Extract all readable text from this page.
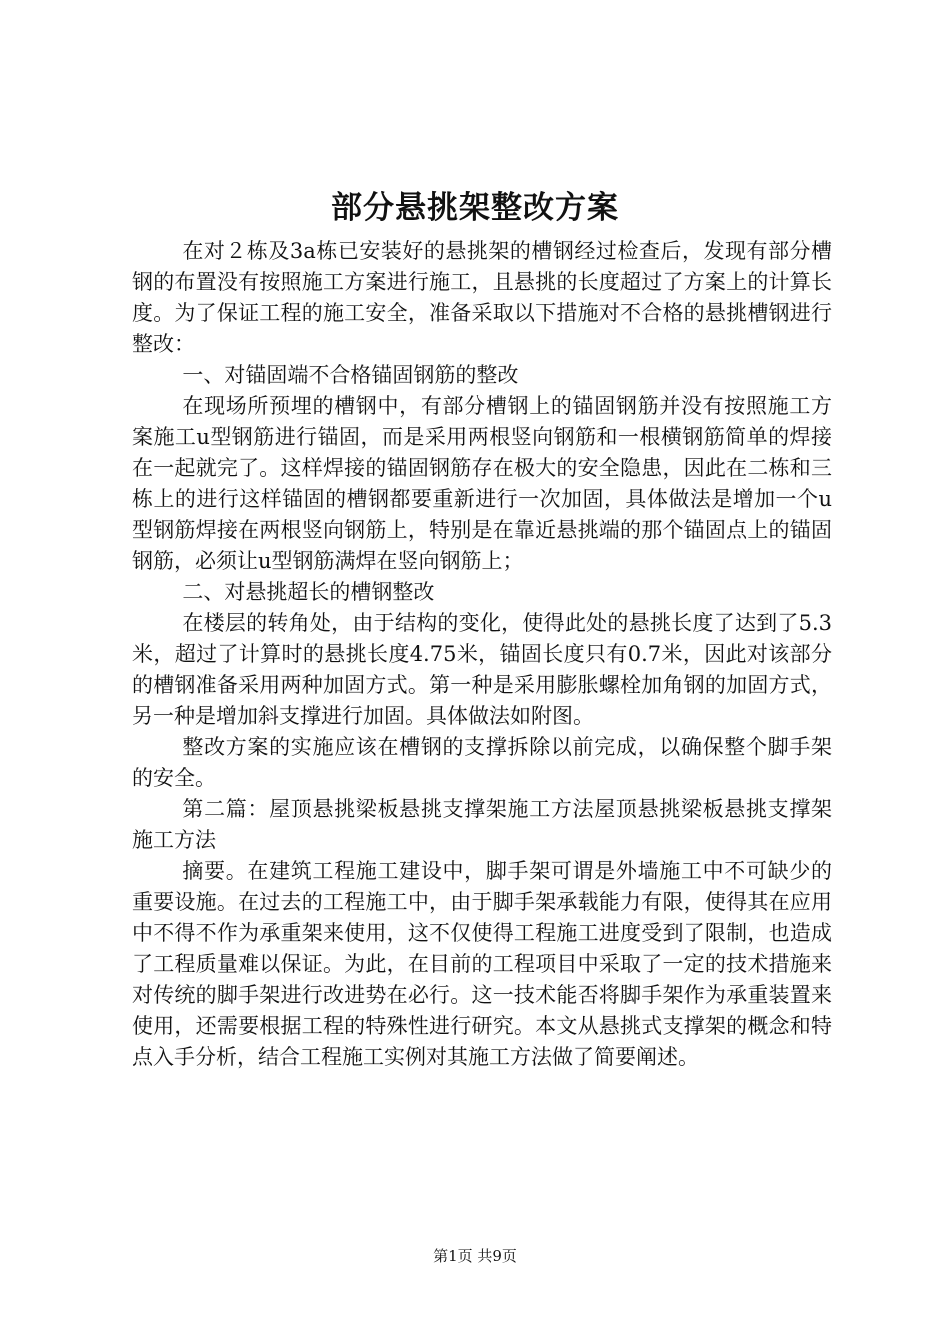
部分悬挑架整改方案

在对２栋及3a栋已安装好的悬挑架的槽钢经过检查后，发现有部分槽钢的布置没有按照施工方案进行施工，且悬挑的长度超过了方案上的计算长度。为了保证工程的施工安全，准备采取以下措施对不合格的悬挑槽钢进行整改：

一、对锚固端不合格锚固钢筋的整改

在现场所预埋的槽钢中，有部分槽钢上的锚固钢筋并没有按照施工方案施工u型钢筋进行锚固，而是采用两根竖向钢筋和一根横钢筋简单的焊接在一起就完了。这样焊接的锚固钢筋存在极大的安全隐患，因此在二栋和三栋上的进行这样锚固的槽钢都要重新进行一次加固，具体做法是增加一个u型钢筋焊接在两根竖向钢筋上，特别是在靠近悬挑端的那个锚固点上的锚固钢筋，必须让u型钢筋满焊在竖向钢筋上；

二、对悬挑超长的槽钢整改

在楼层的转角处，由于结构的变化，使得此处的悬挑长度了达到了5.3米，超过了计算时的悬挑长度4.75米，锚固长度只有0.7米，因此对该部分的槽钢准备采用两种加固方式。第一种是采用膨胀螺栓加角钢的加固方式，另一种是增加斜支撑进行加固。具体做法如附图。

整改方案的实施应该在槽钢的支撑拆除以前完成，以确保整个脚手架的安全。

第二篇：屋顶悬挑梁板悬挑支撑架施工方法屋顶悬挑梁板悬挑支撑架施工方法

摘要。在建筑工程施工建设中，脚手架可谓是外墙施工中不可缺少的重要设施。在过去的工程施工中，由于脚手架承载能力有限，使得其在应用中不得不作为承重架来使用，这不仅使得工程施工进度受到了限制，也造成了工程质量难以保证。为此，在目前的工程项目中采取了一定的技术措施来对传统的脚手架进行改进势在必行。这一技术能否将脚手架作为承重装置来使用，还需要根据工程的特殊性进行研究。本文从悬挑式支撑架的概念和特点入手分析，结合工程施工实例对其施工方法做了简要阐述。

第1页 共9页
